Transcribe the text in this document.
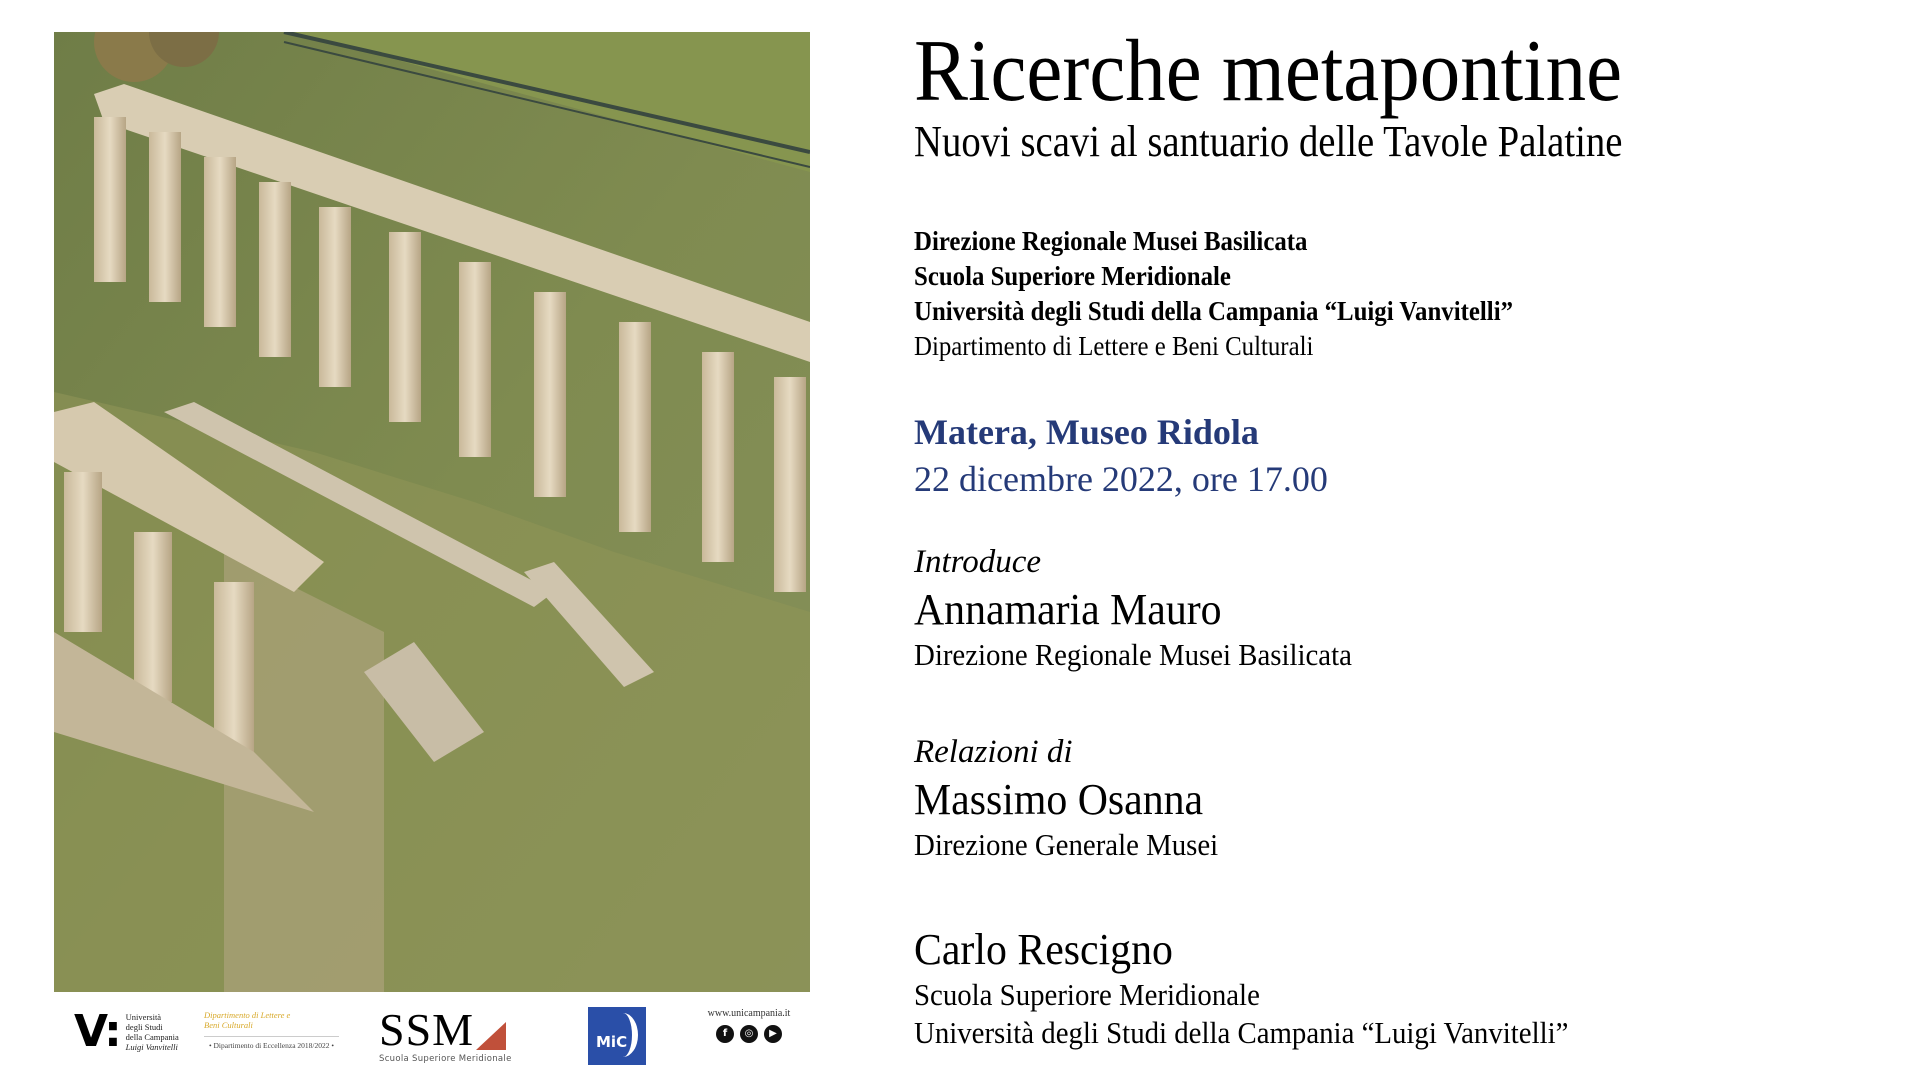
V: Università
degli Studi
della Campania
Luigi Vanvitelli
Dipartimento di Lettere e
Beni Culturali
• Dipartimento di Eccellenza 2018/2022 • SSM
Scuola Superiore Meridionale
MiC
www.unicampania.it
f	◎	▶
Ricerche metapontine
Nuovi scavi al santuario delle Tavole Palatine
Direzione Regionale Musei Basilicata
Scuola Superiore Meridionale
Università degli Studi della Campania “Luigi Vanvitelli”
Dipartimento di Lettere e Beni Culturali
Matera, Museo Ridola
22 dicembre 2022, ore 17.00
Introduce
Annamaria Mauro
Direzione Regionale Musei Basilicata
Relazioni di
Massimo Osanna
Direzione Generale Musei
Carlo Rescigno
Scuola Superiore Meridionale
Università degli Studi della Campania “Luigi Vanvitelli”
